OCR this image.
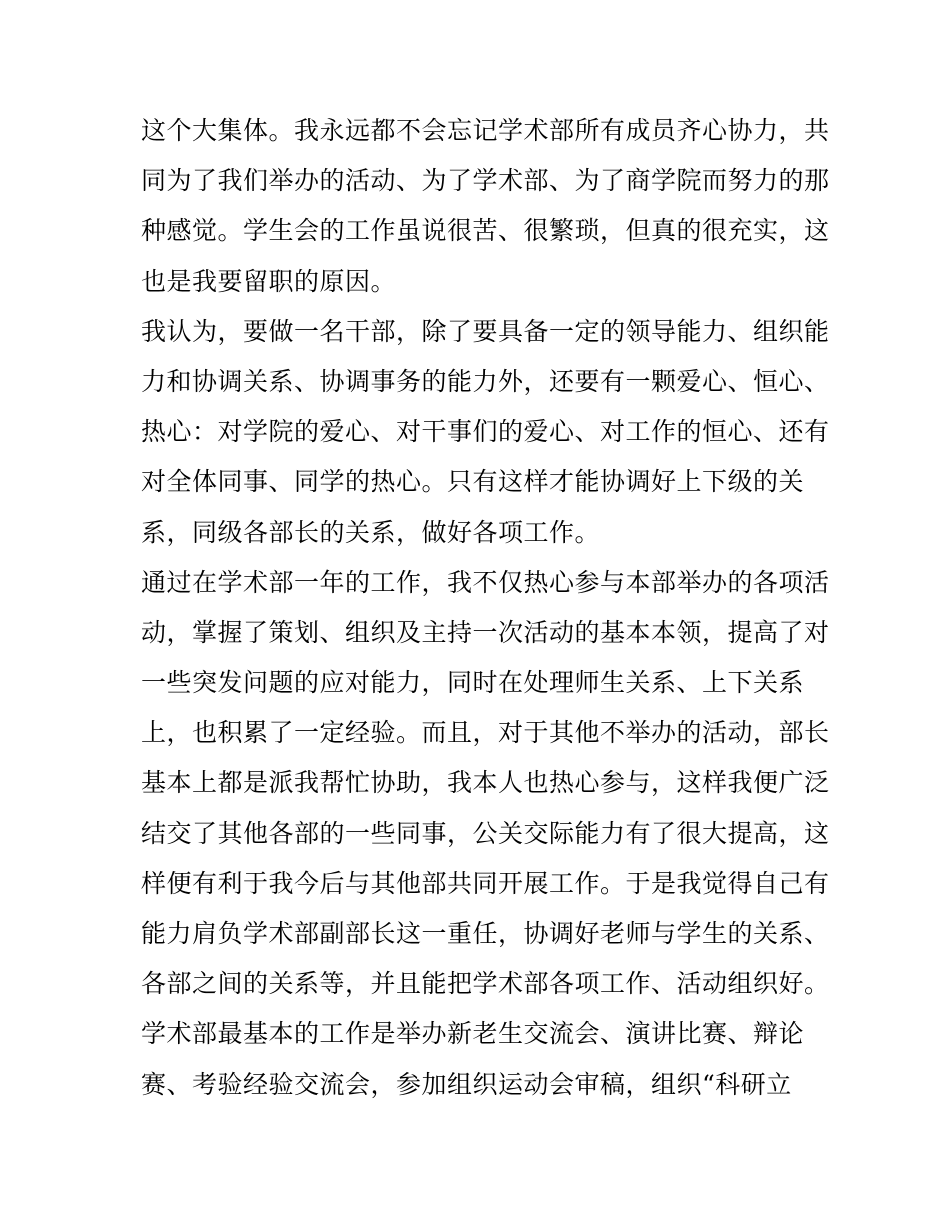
这个大集体。我永远都不会忘记学术部所有成员齐心协力，共
同为了我们举办的活动、为了学术部、为了商学院而努力的那
种感觉。学生会的工作虽说很苦、很繁琐，但真的很充实，这
也是我要留职的原因。
我认为，要做一名干部，除了要具备一定的领导能力、组织能
力和协调关系、协调事务的能力外，还要有一颗爱心、恒心、
热心：对学院的爱心、对干事们的爱心、对工作的恒心、还有
对全体同事、同学的热心。只有这样才能协调好上下级的关
系，同级各部长的关系，做好各项工作。
通过在学术部一年的工作，我不仅热心参与本部举办的各项活
动，掌握了策划、组织及主持一次活动的基本本领，提高了对
一些突发问题的应对能力，同时在处理师生关系、上下关系
上，也积累了一定经验。而且，对于其他不举办的活动，部长
基本上都是派我帮忙协助，我本人也热心参与，这样我便广泛
结交了其他各部的一些同事，公关交际能力有了很大提高，这
样便有利于我今后与其他部共同开展工作。于是我觉得自己有
能力肩负学术部副部长这一重任，协调好老师与学生的关系、
各部之间的关系等，并且能把学术部各项工作、活动组织好。
学术部最基本的工作是举办新老生交流会、演讲比赛、辩论
赛、考验经验交流会，参加组织运动会审稿，组织“科研立
